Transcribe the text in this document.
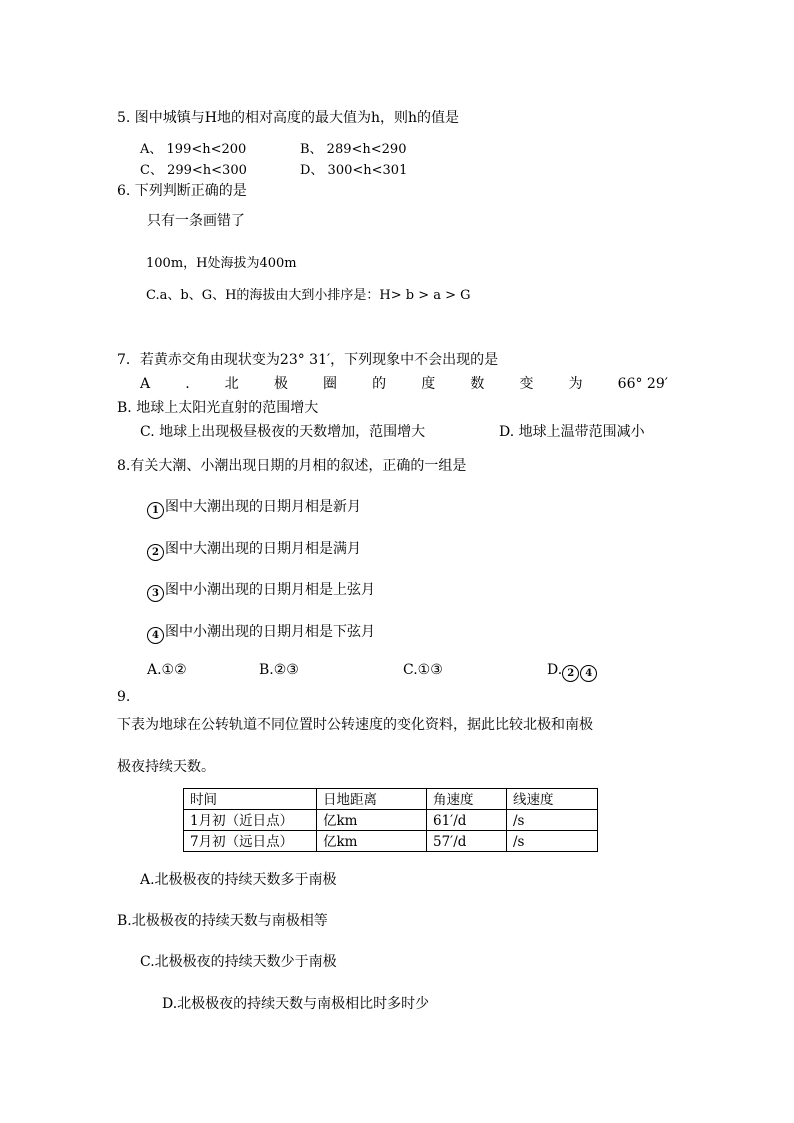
5. 图中城镇与H地的相对高度的最大值为h，则h的值是
A、 199<h<200	B、 289<h<290
C、 299<h<300	D、 300<h<301
6. 下列判断正确的是
只有一条画错了
100m，H处海拔为400m
C.a、b、G、H的海拔由大到小排序是：H> b > a > G
7．若黄赤交角由现状变为23° 31′，下列现象中不会出现的是
A	.	北	极	圈	的	度	数	变	为	66° 29′
B. 地球上太阳光直射的范围增大
C. 地球上出现极昼极夜的天数增加，范围增大	D. 地球上温带范围减小
8.有关大潮、小潮出现日期的月相的叙述，正确的一组是
1 图中大潮出现的日期月相是新月
2 图中大潮出现的日期月相是满月
3 图中小潮出现的日期月相是上弦月
4 图中小潮出现的日期月相是下弦月
A.①②	B.②③	C.①③	D. 2 4
9.
下表为地球在公转轨道不同位置时公转速度的变化资料，据此比较北极和南极
极夜持续天数。
时间	日地距离	角速度	线速度
1月初（近日点）	亿km	61′/d	/s
7月初（远日点）	亿km	57′/d	/s
A.北极极夜的持续天数多于南极
B.北极极夜的持续天数与南极相等
C.北极极夜的持续天数少于南极
D.北极极夜的持续天数与南极相比时多时少
